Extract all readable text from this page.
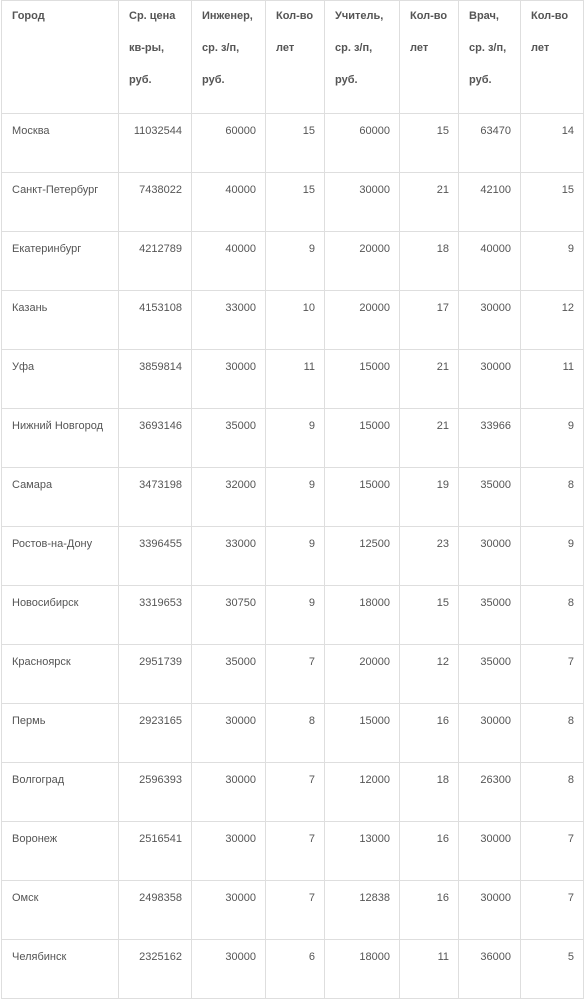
Город	Ср. цена кв-ры, руб.	Инженер, ср. з/п, руб.	Кол-во лет	Учитель, ср. з/п, руб.	Кол-во лет	Врач, ср. з/п, руб.	Кол-во лет

Москва	11032544	60000	15	60000	15	63470	14
Санкт-Петербург	7438022	40000	15	30000	21	42100	15
Екатеринбург	4212789	40000	9	20000	18	40000	9
Казань	4153108	33000	10	20000	17	30000	12
Уфа	3859814	30000	11	15000	21	30000	11
Нижний Новгород	3693146	35000	9	15000	21	33966	9
Самара	3473198	32000	9	15000	19	35000	8
Ростов-на-Дону	3396455	33000	9	12500	23	30000	9
Новосибирск	3319653	30750	9	18000	15	35000	8
Красноярск	2951739	35000	7	20000	12	35000	7
Пермь	2923165	30000	8	15000	16	30000	8
Волгоград	2596393	30000	7	12000	18	26300	8
Воронеж	2516541	30000	7	13000	16	30000	7
Омск	2498358	30000	7	12838	16	30000	7
Челябинск	2325162	30000	6	18000	11	36000	5
